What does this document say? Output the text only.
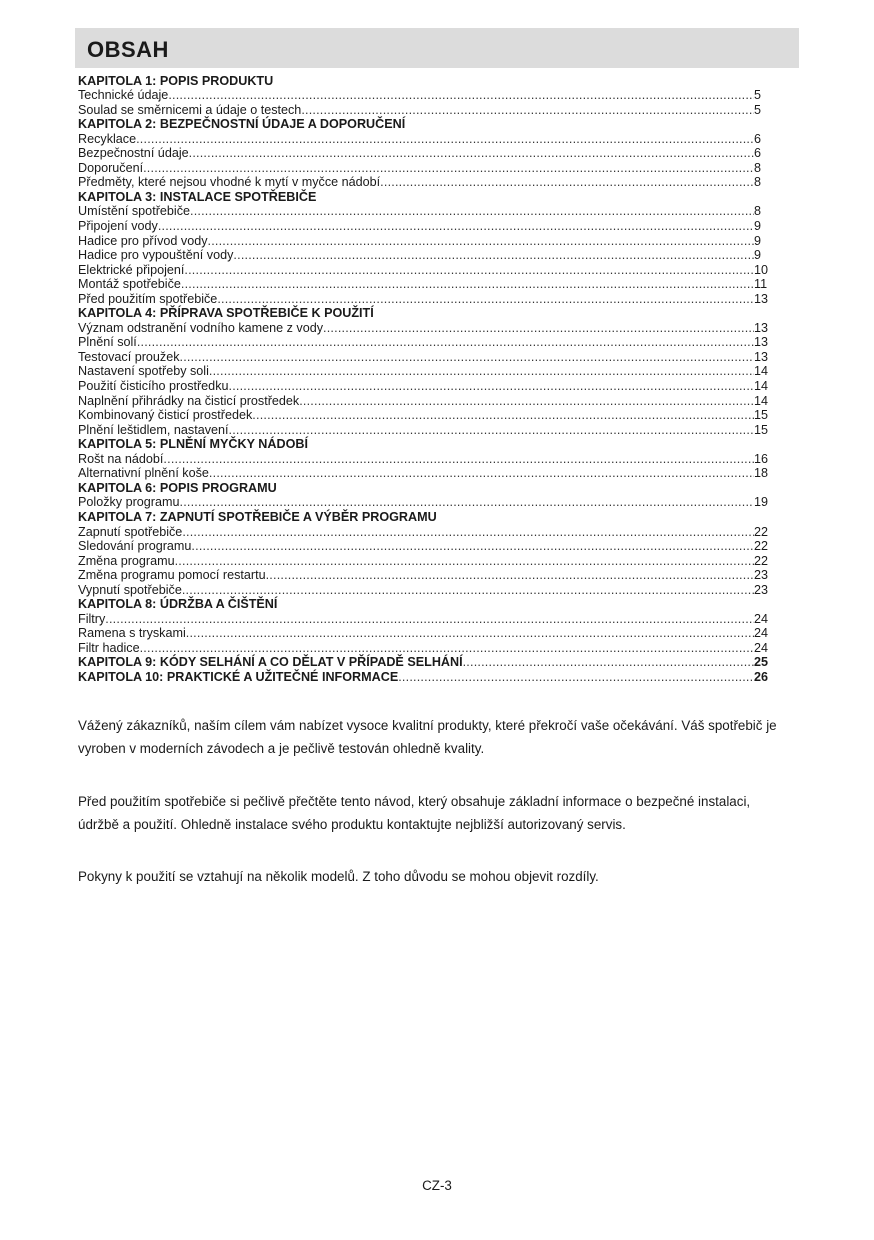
OBSAH
KAPITOLA 1: POPIS PRODUKTU
Technické údaje .....	5
Soulad se směrnicemi a údaje o testech .....	5
KAPITOLA 2: BEZPEČNOSTNÍ ÚDAJE A DOPORUČENÍ
Recyklace .....	6
Bezpečnostní údaje .....	6
Doporučení .....	8
Předměty, které nejsou vhodné k mytí v myčce nádobí .....	8
KAPITOLA 3: INSTALACE SPOTŘEBIČE
Umístění spotřebiče .....	8
Připojení vody .....	9
Hadice pro přívod vody .....	9
Hadice pro vypouštění vody .....	9
Elektrické připojení .....	10
Montáž spotřebiče .....	11
Před použitím spotřebiče .....	13
KAPITOLA 4: PŘÍPRAVA SPOTŘEBIČE K POUŽITÍ
Význam odstranění vodního kamene z vody .....	13
Plnění solí .....	13
Testovací proužek .....	13
Nastavení spotřeby soli .....	14
Použití čisticího prostředku .....	14
Naplnění přihrádky na čisticí prostředek .....	14
Kombinovaný čisticí prostředek .....	15
Plnění leštidlem, nastavení .....	15
KAPITOLA 5: PLNĚNÍ MYČKY NÁDOBÍ
Rošt na nádobí .....	16
Alternativní plnění koše .....	18
KAPITOLA 6: POPIS PROGRAMU
Položky programu .....	19
KAPITOLA 7: ZAPNUTÍ SPOTŘEBIČE A VÝBĚR PROGRAMU
Zapnutí spotřebiče .....	22
Sledování programu .....	22
Změna programu .....	22
Změna programu pomocí restartu .....	23
Vypnutí spotřebiče .....	23
KAPITOLA 8: ÚDRŽBA A ČIŠTĚNÍ
Filtry .....	24
Ramena s tryskami .....	24
Filtr hadice .....	24
KAPITOLA 9: KÓDY SELHÁNÍ A CO DĚLAT V PŘÍPADĚ SELHÁNÍ .....	25
KAPITOLA 10: PRAKTICKÉ A UŽITEČNÉ INFORMACE .....	26

Vážený zákazníků, naším cílem vám nabízet vysoce kvalitní produkty, které překročí vaše očekávání. Váš spotřebič je vyroben v moderních závodech a je pečlivě testován ohledně kvality.

Před použitím spotřebiče si pečlivě přečtěte tento návod, který obsahuje základní informace o bezpečné instalaci, údržbě a použití. Ohledně instalace svého produktu kontaktujte nejbližší autorizovaný servis.

Pokyny k použití se vztahují na několik modelů. Z toho důvodu se mohou objevit rozdíly.

CZ-3
